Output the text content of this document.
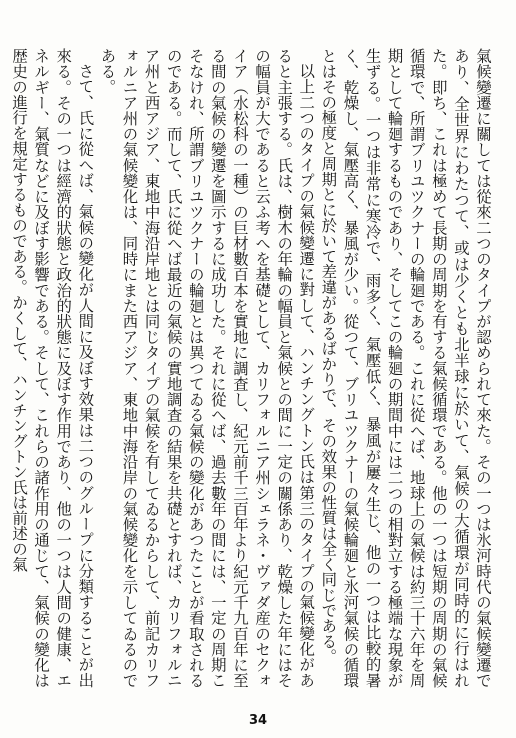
氣候變遷に關しては從來二つのタイプが認められて來た。その一つは氷河時代の氣候變遷であり、全世界にわたつて、或は少くとも北半球に於いて、氣候の大循環が同時的に行はれた。即ち、これは極めて長期の周期を有する氣候循環である。他の一つは短期の周期の氣候循環で、所謂ブリユツクナーの輪廻である。これに從へば、地球上の氣候は約三十六年を周期として輪廻するものであり、そしてこの輪廻の期間中には二つの相對立する極端な現象が生ずる。一つは非常に寒冷で、雨多く、氣壓低く、暴風が屢々生じ、他の一つは比較的暑く、乾燥し、氣壓高く、暴風が少い。從つて、ブリユツクナーの氣候輪廻と氷河氣候の循環とはその極度と周期とに於いて差違があるばかりで、その效果の性質は全く同じである。

以上二つのタイプの氣候變遷に對して、ハンチングトン氏は第三のタイプの氣候變化があると主張する。氏は、樹木の年輪の幅員と氣候との間に一定の關係あり、乾燥した年にはその幅員が大であると云ふ考へを基礎として、カリフォルニア州シェラネ・ヴァダ産のセクォイア（水松科の一種）の巨材數百本を實地に調査し、紀元前千三百年より紀元千九百年に至る間の氣候の變遷を圖示するに成功した。それに從へば、過去數年の間には、一定の周期こそなけれ、所謂ブリユツクナーの輪廻とは異つてゐる氣候の變化があつたことが看取されるのである。而して、氏に從へば最近の氣候の實地調査の結果を共礎とすれば、カリフォルニア州と西アジア、東地中海沿岸地とは同じタイプの氣候を有してゐるからして、前記カリフォルニア州の氣候變化は、同時にまた西アジア、東地中海沿岸の氣候變化を示してゐるのである。

さて、氏に從へば、氣候の變化が人間に及ぼす效果は二つのグループに分類することが出來る。その一つは經濟的狀態と政治的狀態に及ぼす作用であり、他の一つは人間の健康、エネルギー、氣質などに及ぼす影響である。そして、これらの諸作用の通じて、氣候の變化は歴史の進行を規定するものである。かくして、ハンチングトン氏は前述の氣

34
